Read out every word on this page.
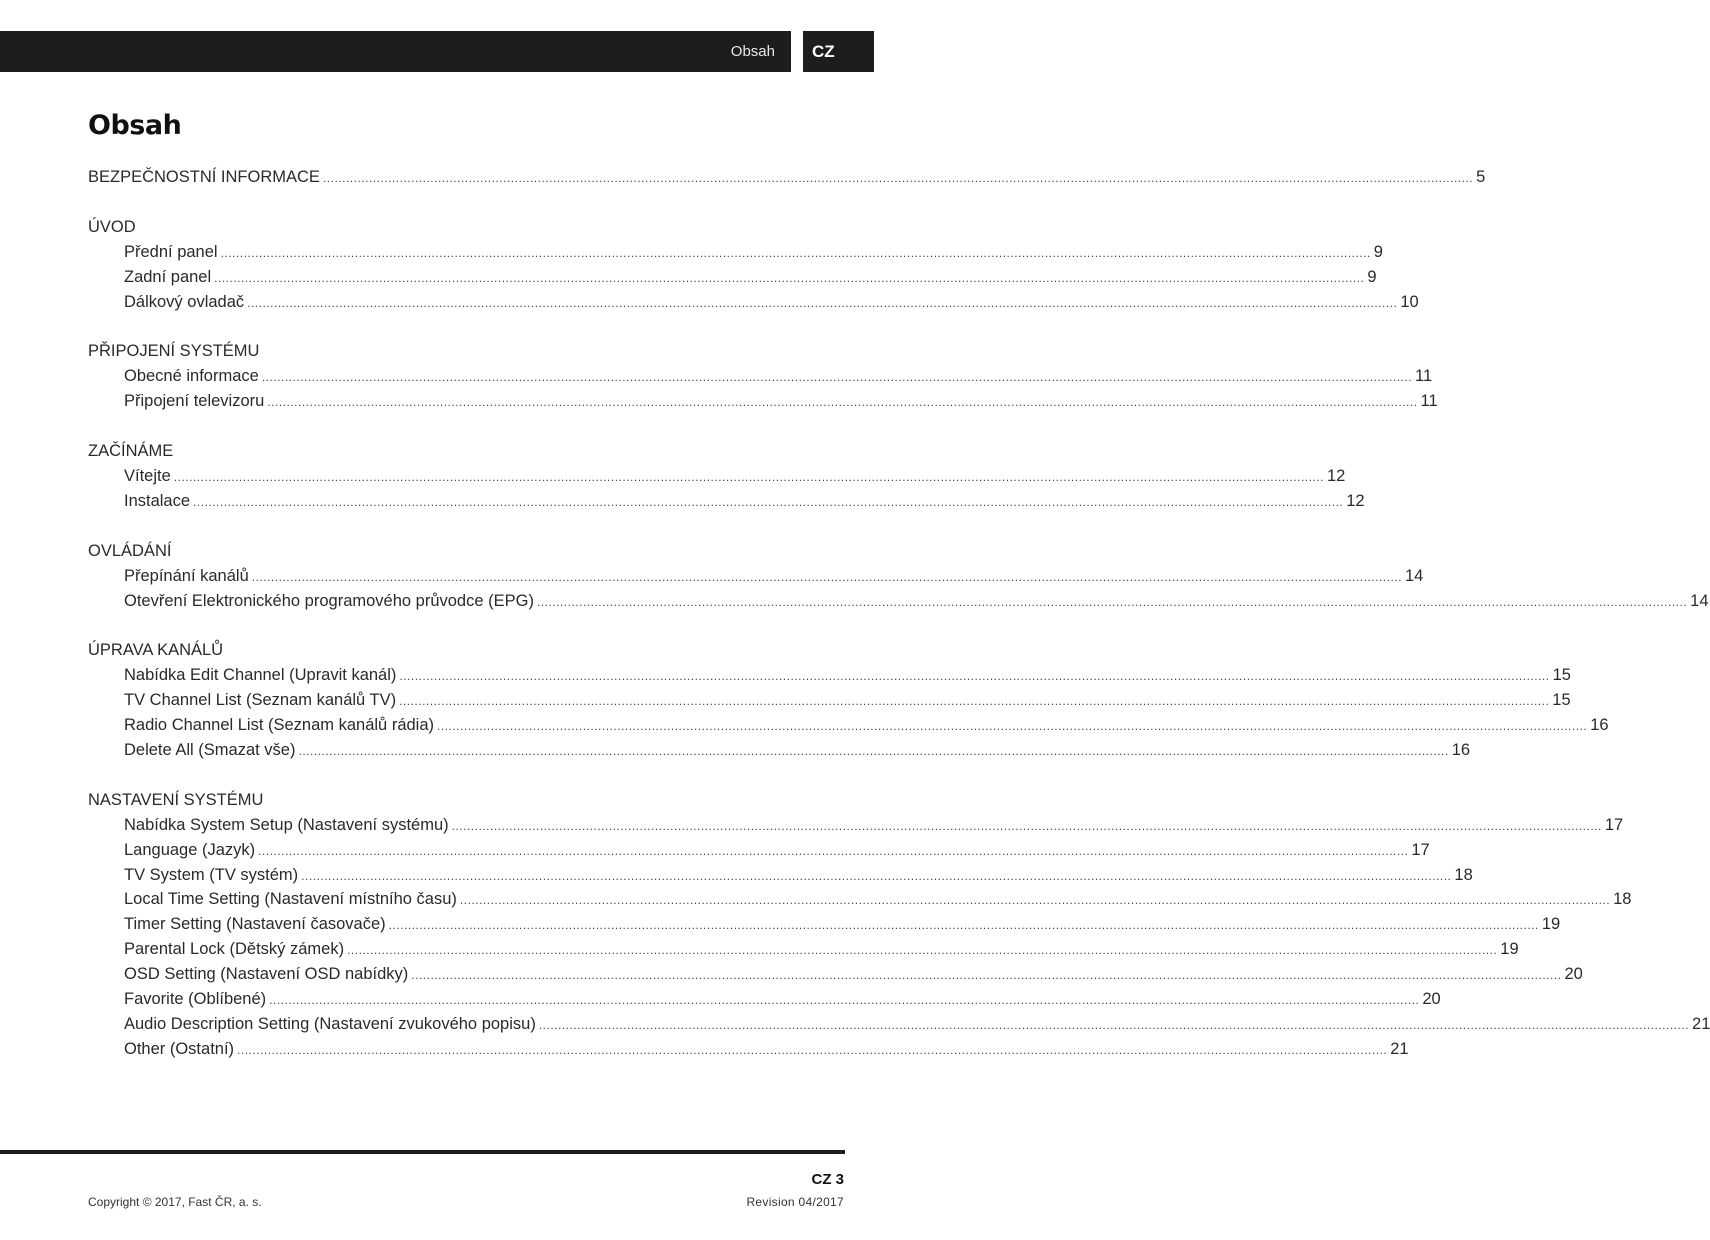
Obsah	CZ
Obsah
BEZPEČNOSTNÍ INFORMACE ............................................................................................................................................................................................................................................................................................................ 5
ÚVOD
Přední panel ............................................................................................................................................................................................................................................................................................................ 9
Zadní panel ............................................................................................................................................................................................................................................................................................................ 9
Dálkový ovladač ............................................................................................................................................................................................................................................................................................................ 10
PŘIPOJENÍ SYSTÉMU
Obecné informace ............................................................................................................................................................................................................................................................................................................ 11
Připojení televizoru ............................................................................................................................................................................................................................................................................................................ 11
ZAČÍNÁME
Vítejte ............................................................................................................................................................................................................................................................................................................ 12
Instalace ............................................................................................................................................................................................................................................................................................................ 12
OVLÁDÁNÍ
Přepínání kanálů ............................................................................................................................................................................................................................................................................................................ 14
Otevření Elektronického programového průvodce (EPG) ............................................................................................................................................................................................................................................................................................................ 14
ÚPRAVA KANÁLŮ
Nabídka Edit Channel (Upravit kanál) ............................................................................................................................................................................................................................................................................................................ 15
TV Channel List (Seznam kanálů TV) ............................................................................................................................................................................................................................................................................................................ 15
Radio Channel List (Seznam kanálů rádia) ............................................................................................................................................................................................................................................................................................................ 16
Delete All (Smazat vše) ............................................................................................................................................................................................................................................................................................................ 16
NASTAVENÍ SYSTÉMU
Nabídka System Setup (Nastavení systému) ............................................................................................................................................................................................................................................................................................................ 17
Language (Jazyk) ............................................................................................................................................................................................................................................................................................................ 17
TV System (TV systém) ............................................................................................................................................................................................................................................................................................................ 18
Local Time Setting (Nastavení místního času) ............................................................................................................................................................................................................................................................................................................ 18
Timer Setting (Nastavení časovače) ............................................................................................................................................................................................................................................................................................................ 19
Parental Lock (Dětský zámek) ............................................................................................................................................................................................................................................................................................................ 19
OSD Setting (Nastavení OSD nabídky) ............................................................................................................................................................................................................................................................................................................ 20
Favorite (Oblíbené) ............................................................................................................................................................................................................................................................................................................ 20
Audio Description Setting (Nastavení zvukového popisu) ............................................................................................................................................................................................................................................................................................................ 21
Other (Ostatní) ............................................................................................................................................................................................................................................................................................................ 21
CZ 3
Copyright © 2017, Fast ČR, a. s.	Revision 04/2017
